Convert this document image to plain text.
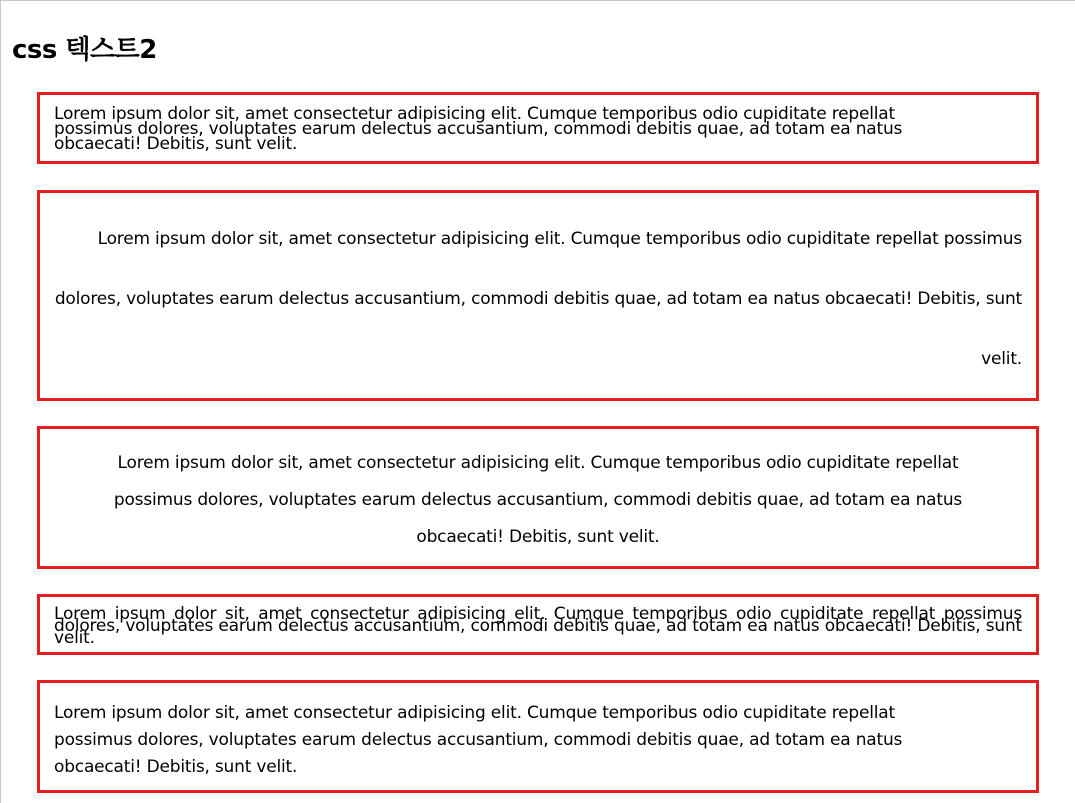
css 텍스트2

Lorem ipsum dolor sit, amet consectetur adipisicing elit. Cumque temporibus odio cupiditate repellat possimus dolores, voluptates earum delectus accusantium, commodi debitis quae, ad totam ea natus obcaecati! Debitis, sunt velit.

Lorem ipsum dolor sit, amet consectetur adipisicing elit. Cumque temporibus odio cupiditate repellat possimus dolores, voluptates earum delectus accusantium, commodi debitis quae, ad totam ea natus obcaecati! Debitis, sunt velit.

Lorem ipsum dolor sit, amet consectetur adipisicing elit. Cumque temporibus odio cupiditate repellat possimus dolores, voluptates earum delectus accusantium, commodi debitis quae, ad totam ea natus obcaecati! Debitis, sunt velit.

Lorem ipsum dolor sit, amet consectetur adipisicing elit. Cumque temporibus odio cupiditate repellat possimus dolores, voluptates earum delectus accusantium, commodi debitis quae, ad totam ea natus obcaecati! Debitis, sunt velit.

Lorem ipsum dolor sit, amet consectetur adipisicing elit. Cumque temporibus odio cupiditate repellat possimus dolores, voluptates earum delectus accusantium, commodi debitis quae, ad totam ea natus obcaecati! Debitis, sunt velit.
